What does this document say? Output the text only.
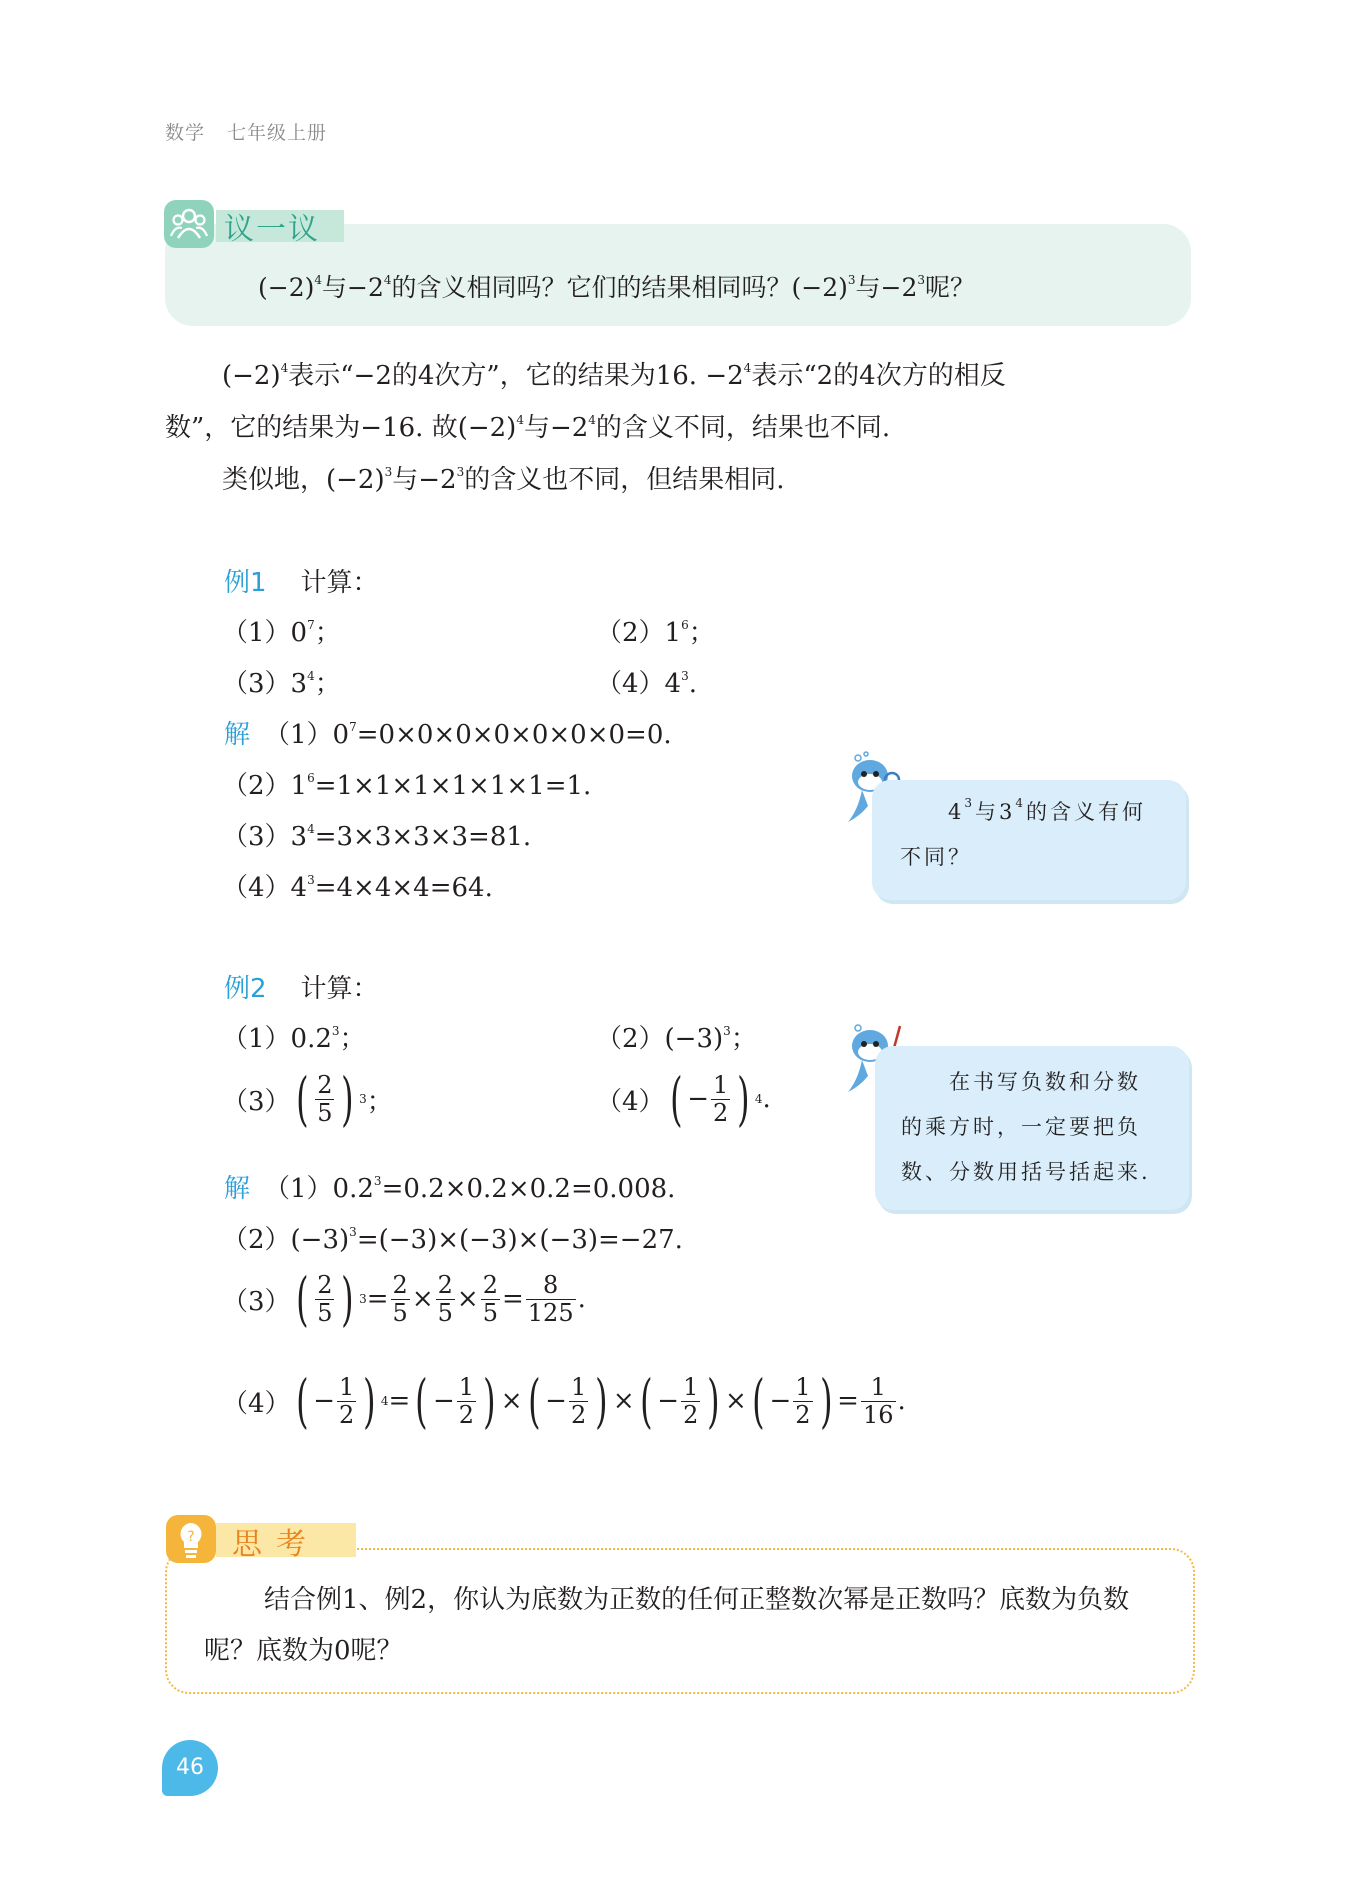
数学 七年级上册
议一议
$(-2)^4$与$-2^4$的含义相同吗？它们的结果相同吗？$(-2)^3$与$-2^3$呢？
$(-2)^4$表示“−2的4次方”，它的结果为16. $-2^4$表示“2的4次方的相反
数”，它的结果为−16. 故$(-2)^4$与$-2^4$的含义不同，结果也不同.
类似地，$(-2)^3$与$-2^3$的含义也不同，但结果相同.
例1 计算：
$(1)0^7$；	$(2)1^6$；
$(3)3^4$；	$(4)4^3$.
解 $(1)0^7=0\times 0\times 0\times 0\times 0\times 0\times 0=0$.
$(2)1^6=1\times 1\times 1\times 1\times 1\times 1=1$.
$(3)3^4=3\times 3\times 3\times 3=81$.
$(4)4^3=4\times 4\times 4=64$.
$4^3$与$3^4$的含义有何
不同？
例2 计算：
$(1)0.2^3$；	$(2)(-3)^3$；
（3） ( $\frac{2}{5}$ ) 3 ；	（4） ( − $\frac{1}{2}$ ) 4 .
解 $(1)0.2^3=0.2\times 0.2\times 0.2=0.008$.
$(2)(-3)^3=(-3)\times(-3)\times(-3)=-27$.
（3） ( $\frac{2}{5}$ ) $3 = \frac{2}{5} \times \frac{2}{5} \times \frac{2}{5} = \frac{8}{125}$ .
（4） ( − $\frac{1}{2}$ ) 4 = ( − $\frac{1}{2}$ ) × ( − $\frac{1}{2}$ ) × ( − $\frac{1}{2}$ ) × ( − $\frac{1}{2}$ ) = $\frac{1}{16}$ .
在书写负数和分数
的乘方时，一定要把负
数、分数用括号括起来.
? 思考
结合例1、例2，你认为底数为正数的任何正整数次幂是正数吗？底数为负数呢？底数为0呢？
46
